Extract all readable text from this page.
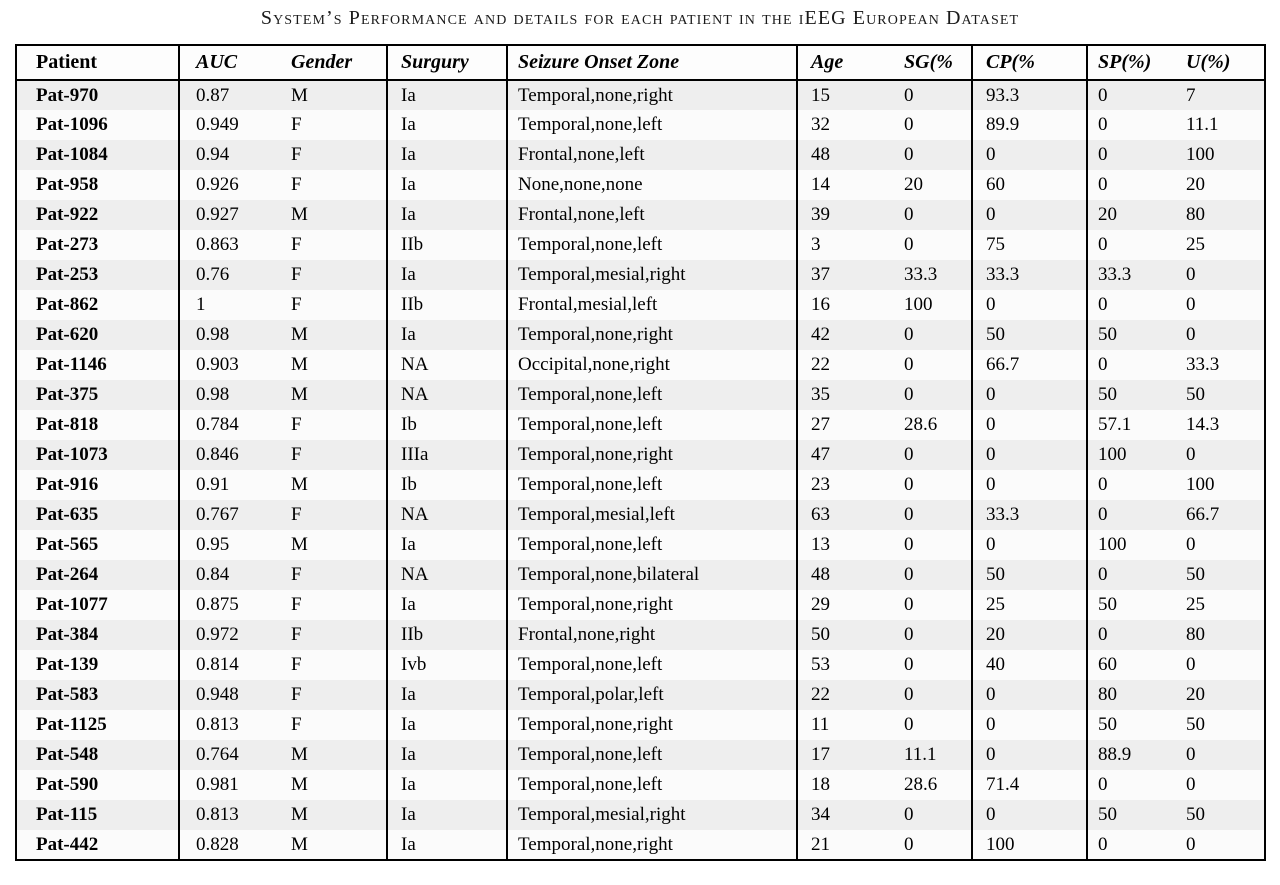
System’s Performance and details for each patient in the iEEG European Dataset
Patient	AUC	Gender	Surgury	Seizure Onset Zone	Age	SG(%	CP(%	SP(%)	U(%)
Pat-970	0.87	M	Ia	Temporal,none,right	15	0	93.3	0	7
Pat-1096	0.949	F	Ia	Temporal,none,left	32	0	89.9	0	11.1
Pat-1084	0.94	F	Ia	Frontal,none,left	48	0	0	0	100
Pat-958	0.926	F	Ia	None,none,none	14	20	60	0	20
Pat-922	0.927	M	Ia	Frontal,none,left	39	0	0	20	80
Pat-273	0.863	F	IIb	Temporal,none,left	3	0	75	0	25
Pat-253	0.76	F	Ia	Temporal,mesial,right	37	33.3	33.3	33.3	0
Pat-862	1	F	IIb	Frontal,mesial,left	16	100	0	0	0
Pat-620	0.98	M	Ia	Temporal,none,right	42	0	50	50	0
Pat-1146	0.903	M	NA	Occipital,none,right	22	0	66.7	0	33.3
Pat-375	0.98	M	NA	Temporal,none,left	35	0	0	50	50
Pat-818	0.784	F	Ib	Temporal,none,left	27	28.6	0	57.1	14.3
Pat-1073	0.846	F	IIIa	Temporal,none,right	47	0	0	100	0
Pat-916	0.91	M	Ib	Temporal,none,left	23	0	0	0	100
Pat-635	0.767	F	NA	Temporal,mesial,left	63	0	33.3	0	66.7
Pat-565	0.95	M	Ia	Temporal,none,left	13	0	0	100	0
Pat-264	0.84	F	NA	Temporal,none,bilateral	48	0	50	0	50
Pat-1077	0.875	F	Ia	Temporal,none,right	29	0	25	50	25
Pat-384	0.972	F	IIb	Frontal,none,right	50	0	20	0	80
Pat-139	0.814	F	Ivb	Temporal,none,left	53	0	40	60	0
Pat-583	0.948	F	Ia	Temporal,polar,left	22	0	0	80	20
Pat-1125	0.813	F	Ia	Temporal,none,right	11	0	0	50	50
Pat-548	0.764	M	Ia	Temporal,none,left	17	11.1	0	88.9	0
Pat-590	0.981	M	Ia	Temporal,none,left	18	28.6	71.4	0	0
Pat-115	0.813	M	Ia	Temporal,mesial,right	34	0	0	50	50
Pat-442	0.828	M	Ia	Temporal,none,right	21	0	100	0	0
